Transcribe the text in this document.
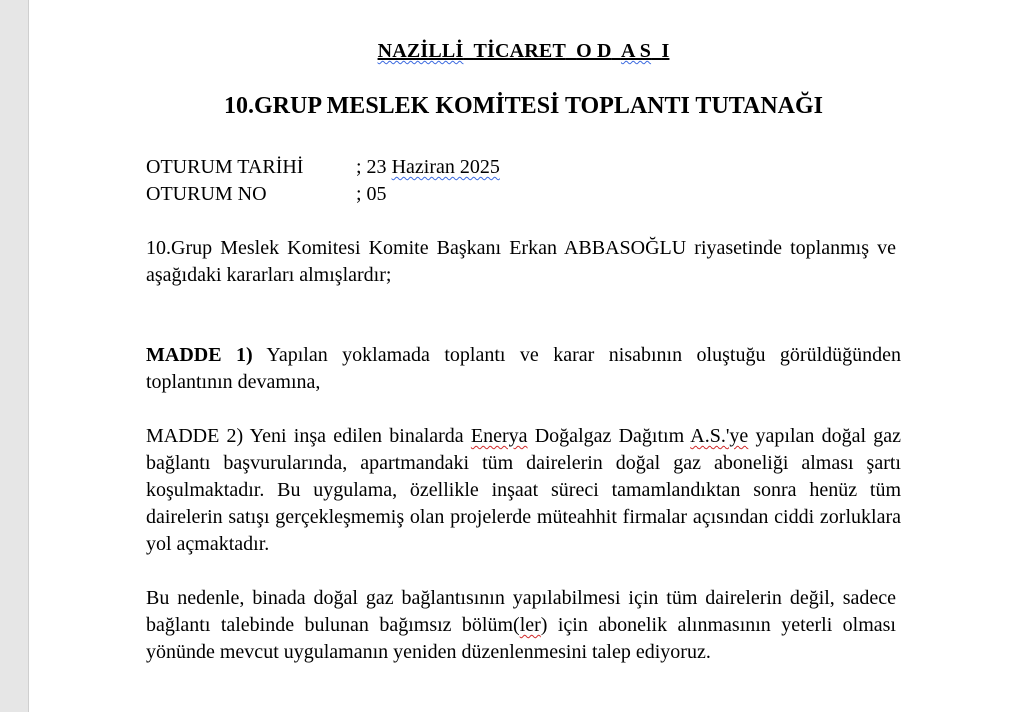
NAZİLLİ TİCARET O D A S I
10.GRUP MESLEK KOMİTESİ TOPLANTI TUTANAĞI
OTURUM TARİHİ	; 23 Haziran 2025
OTURUM NO	; 05

10.Grup Meslek Komitesi Komite Başkanı Erkan ABBASOĞLU riyasetinde toplanmış ve aşağıdaki kararları almışlardır;

MADDE 1) Yapılan yoklamada toplantı ve karar nisabının oluştuğu görüldüğünden toplantının devamına,

MADDE 2) Yeni inşa edilen binalarda Enerya Doğalgaz Dağıtım A.S.'ye yapılan doğal gaz bağlantı başvurularında, apartmandaki tüm dairelerin doğal gaz aboneliği alması şartı koşulmaktadır. Bu uygulama, özellikle inşaat süreci tamamlandıktan sonra henüz tüm dairelerin satışı gerçekleşmemiş olan projelerde müteahhit firmalar açısından ciddi zorluklara yol açmaktadır.

Bu nedenle, binada doğal gaz bağlantısının yapılabilmesi için tüm dairelerin değil, sadece bağlantı talebinde bulunan bağımsız bölüm(ler) için abonelik alınmasının yeterli olması yönünde mevcut uygulamanın yeniden düzenlenmesini talep ediyoruz.
